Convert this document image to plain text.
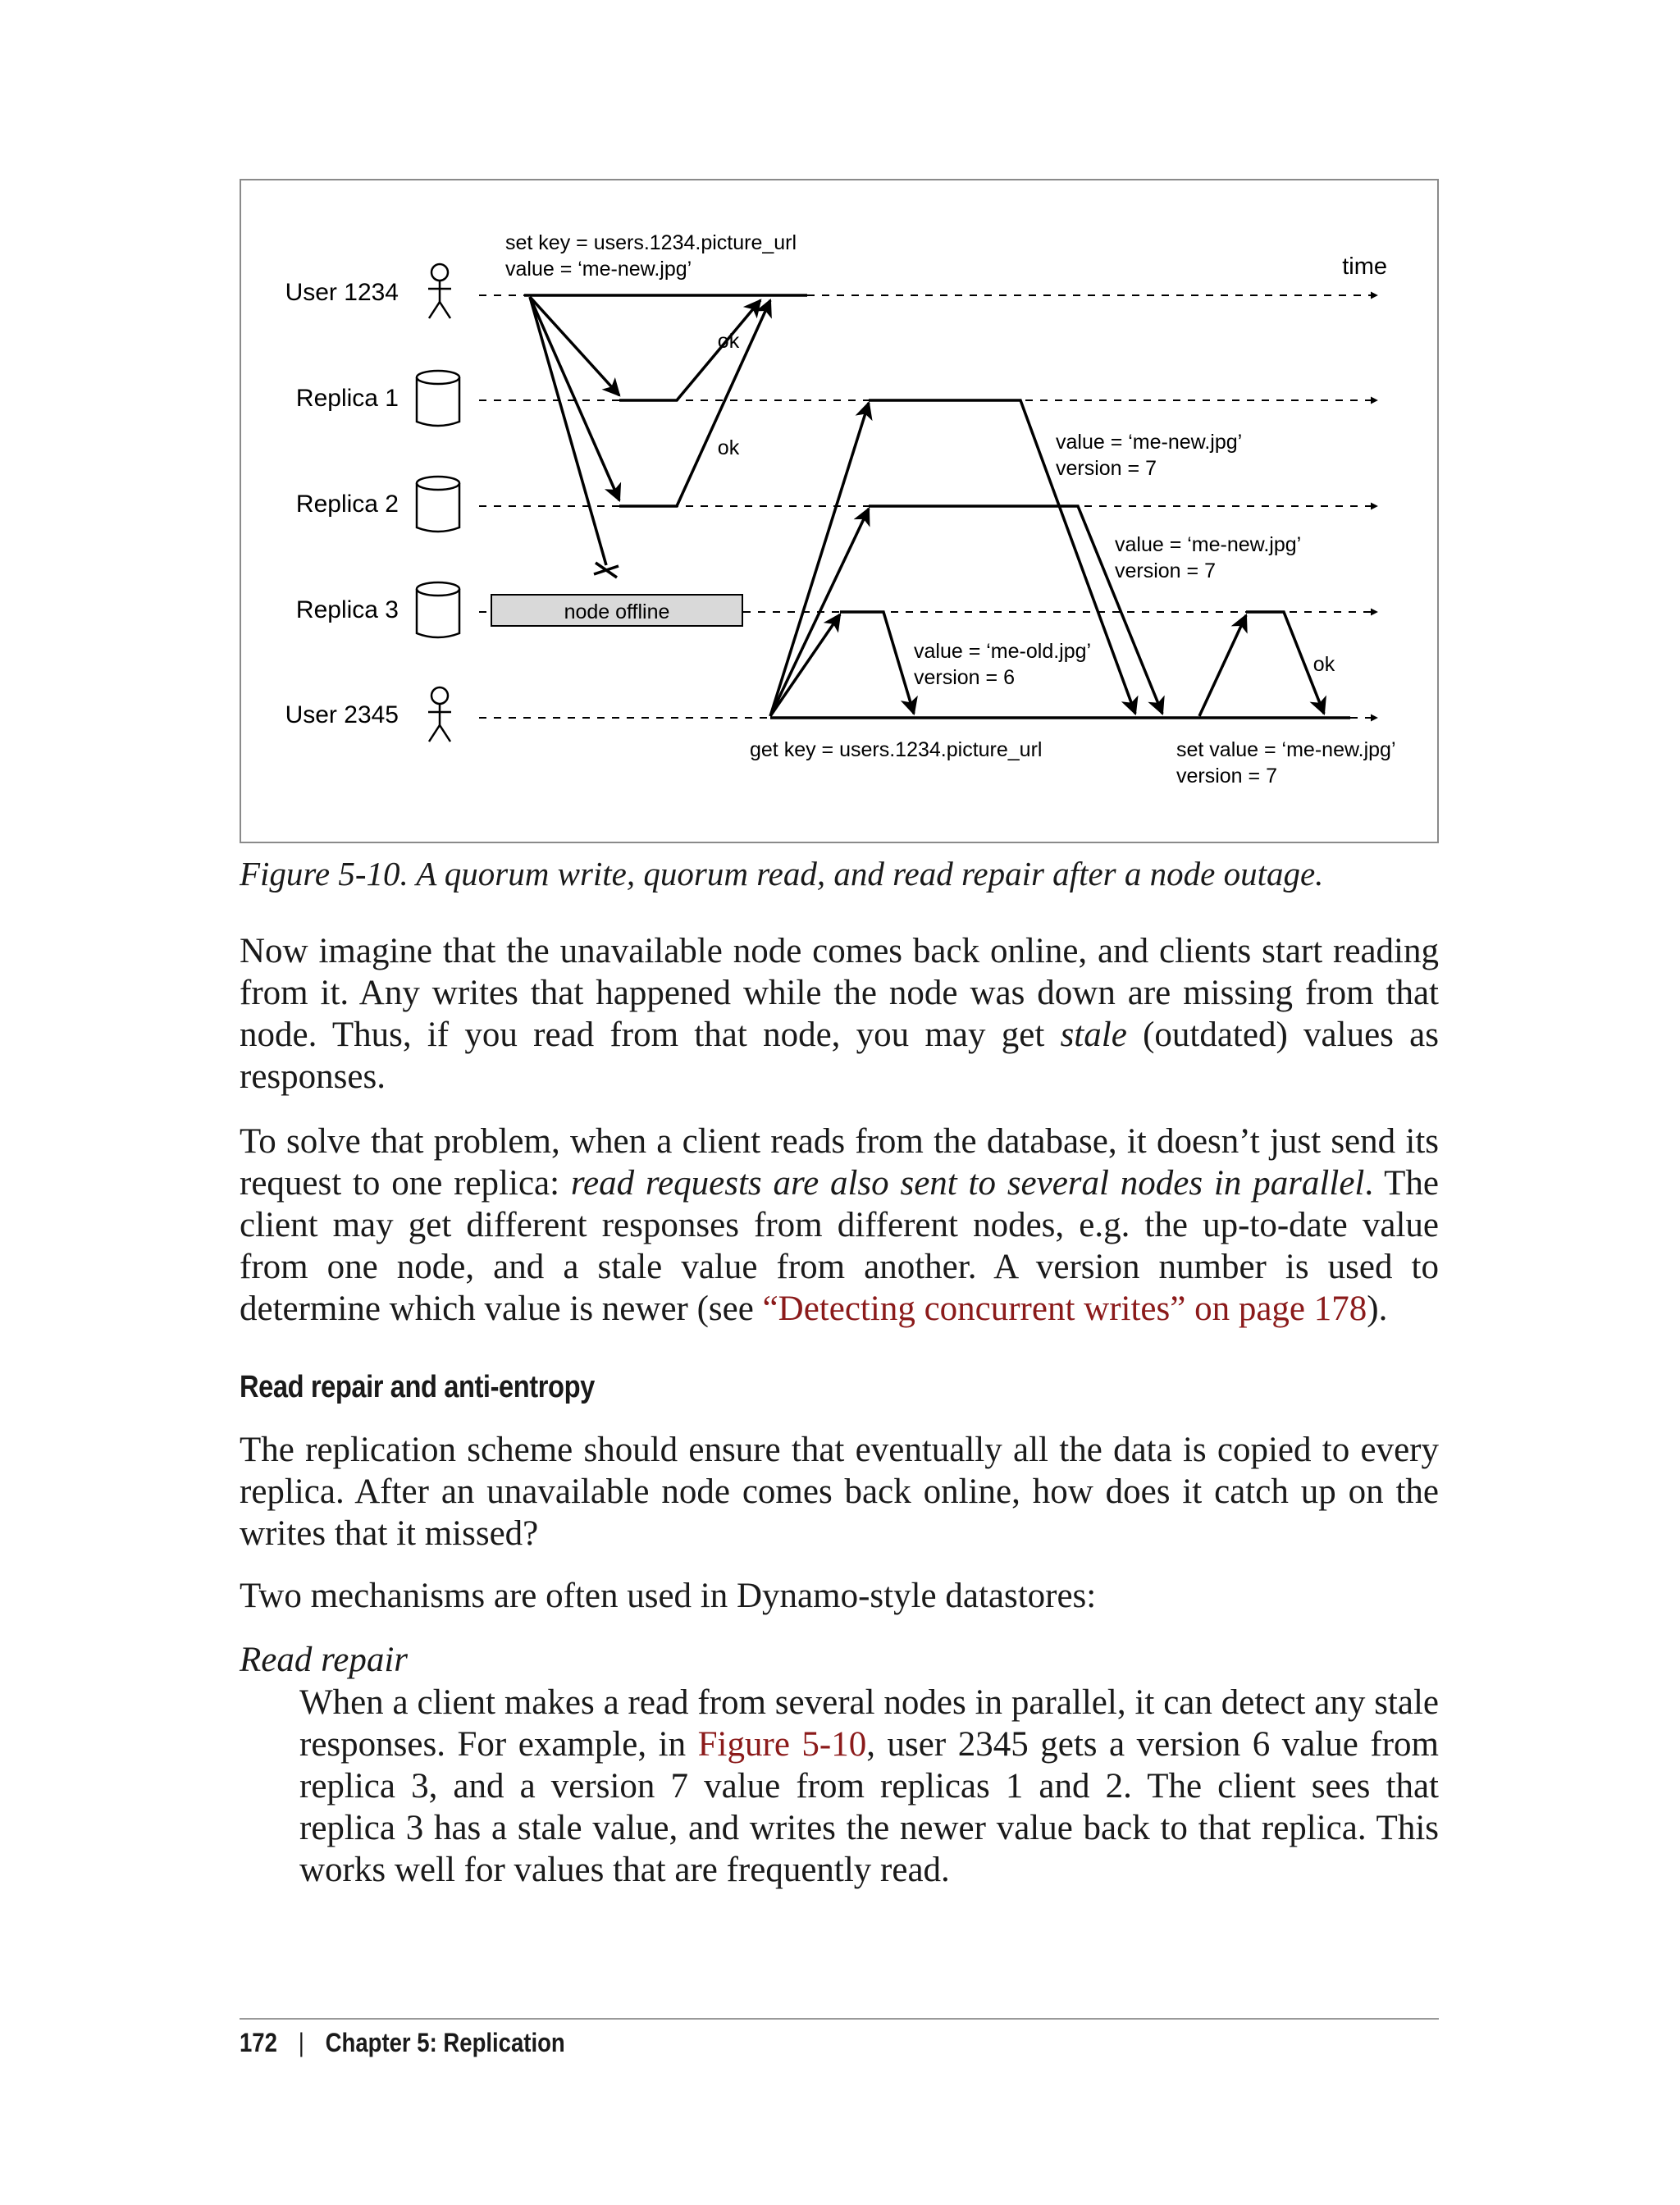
User 1234
Replica 1
Replica 2
Replica 3
User 2345
time
set key = users.1234.picture_url
value = ‘me-new.jpg’
node offline
ok
ok	value = ‘me-new.jpg’
version = 7
value = ‘me-new.jpg’
version = 7
value = ‘me-old.jpg’
version = 6
ok
get key = users.1234.picture_url	set value = ‘me-new.jpg’
version = 7
Figure 5-10. A quorum write, quorum read, and read repair after a node outage.

Now imagine that the unavailable node comes back online, and clients start reading from it. Any writes that happened while the node was down are missing from that node. Thus, if you read from that node, you may get stale (outdated) values as responses.

To solve that problem, when a client reads from the database, it doesn’t just send its request to one replica: read requests are also sent to several nodes in parallel. The client may get different responses from different nodes, e.g. the up-to-date value from one node, and a stale value from another. A version number is used to determine which value is newer (see “Detecting concurrent writes” on page 178).

Read repair and anti-entropy

The replication scheme should ensure that eventually all the data is copied to every replica. After an unavailable node comes back online, how does it catch up on the writes that it missed?

Two mechanisms are often used in Dynamo-style datastores:

Read repair

When a client makes a read from several nodes in parallel, it can detect any stale responses. For example, in Figure 5-10, user 2345 gets a version 6 value from replica 3, and a version 7 value from replicas 1 and 2. The client sees that replica 3 has a stale value, and writes the newer value back to that replica. This works well for values that are frequently read.

172 | Chapter 5: Replication
